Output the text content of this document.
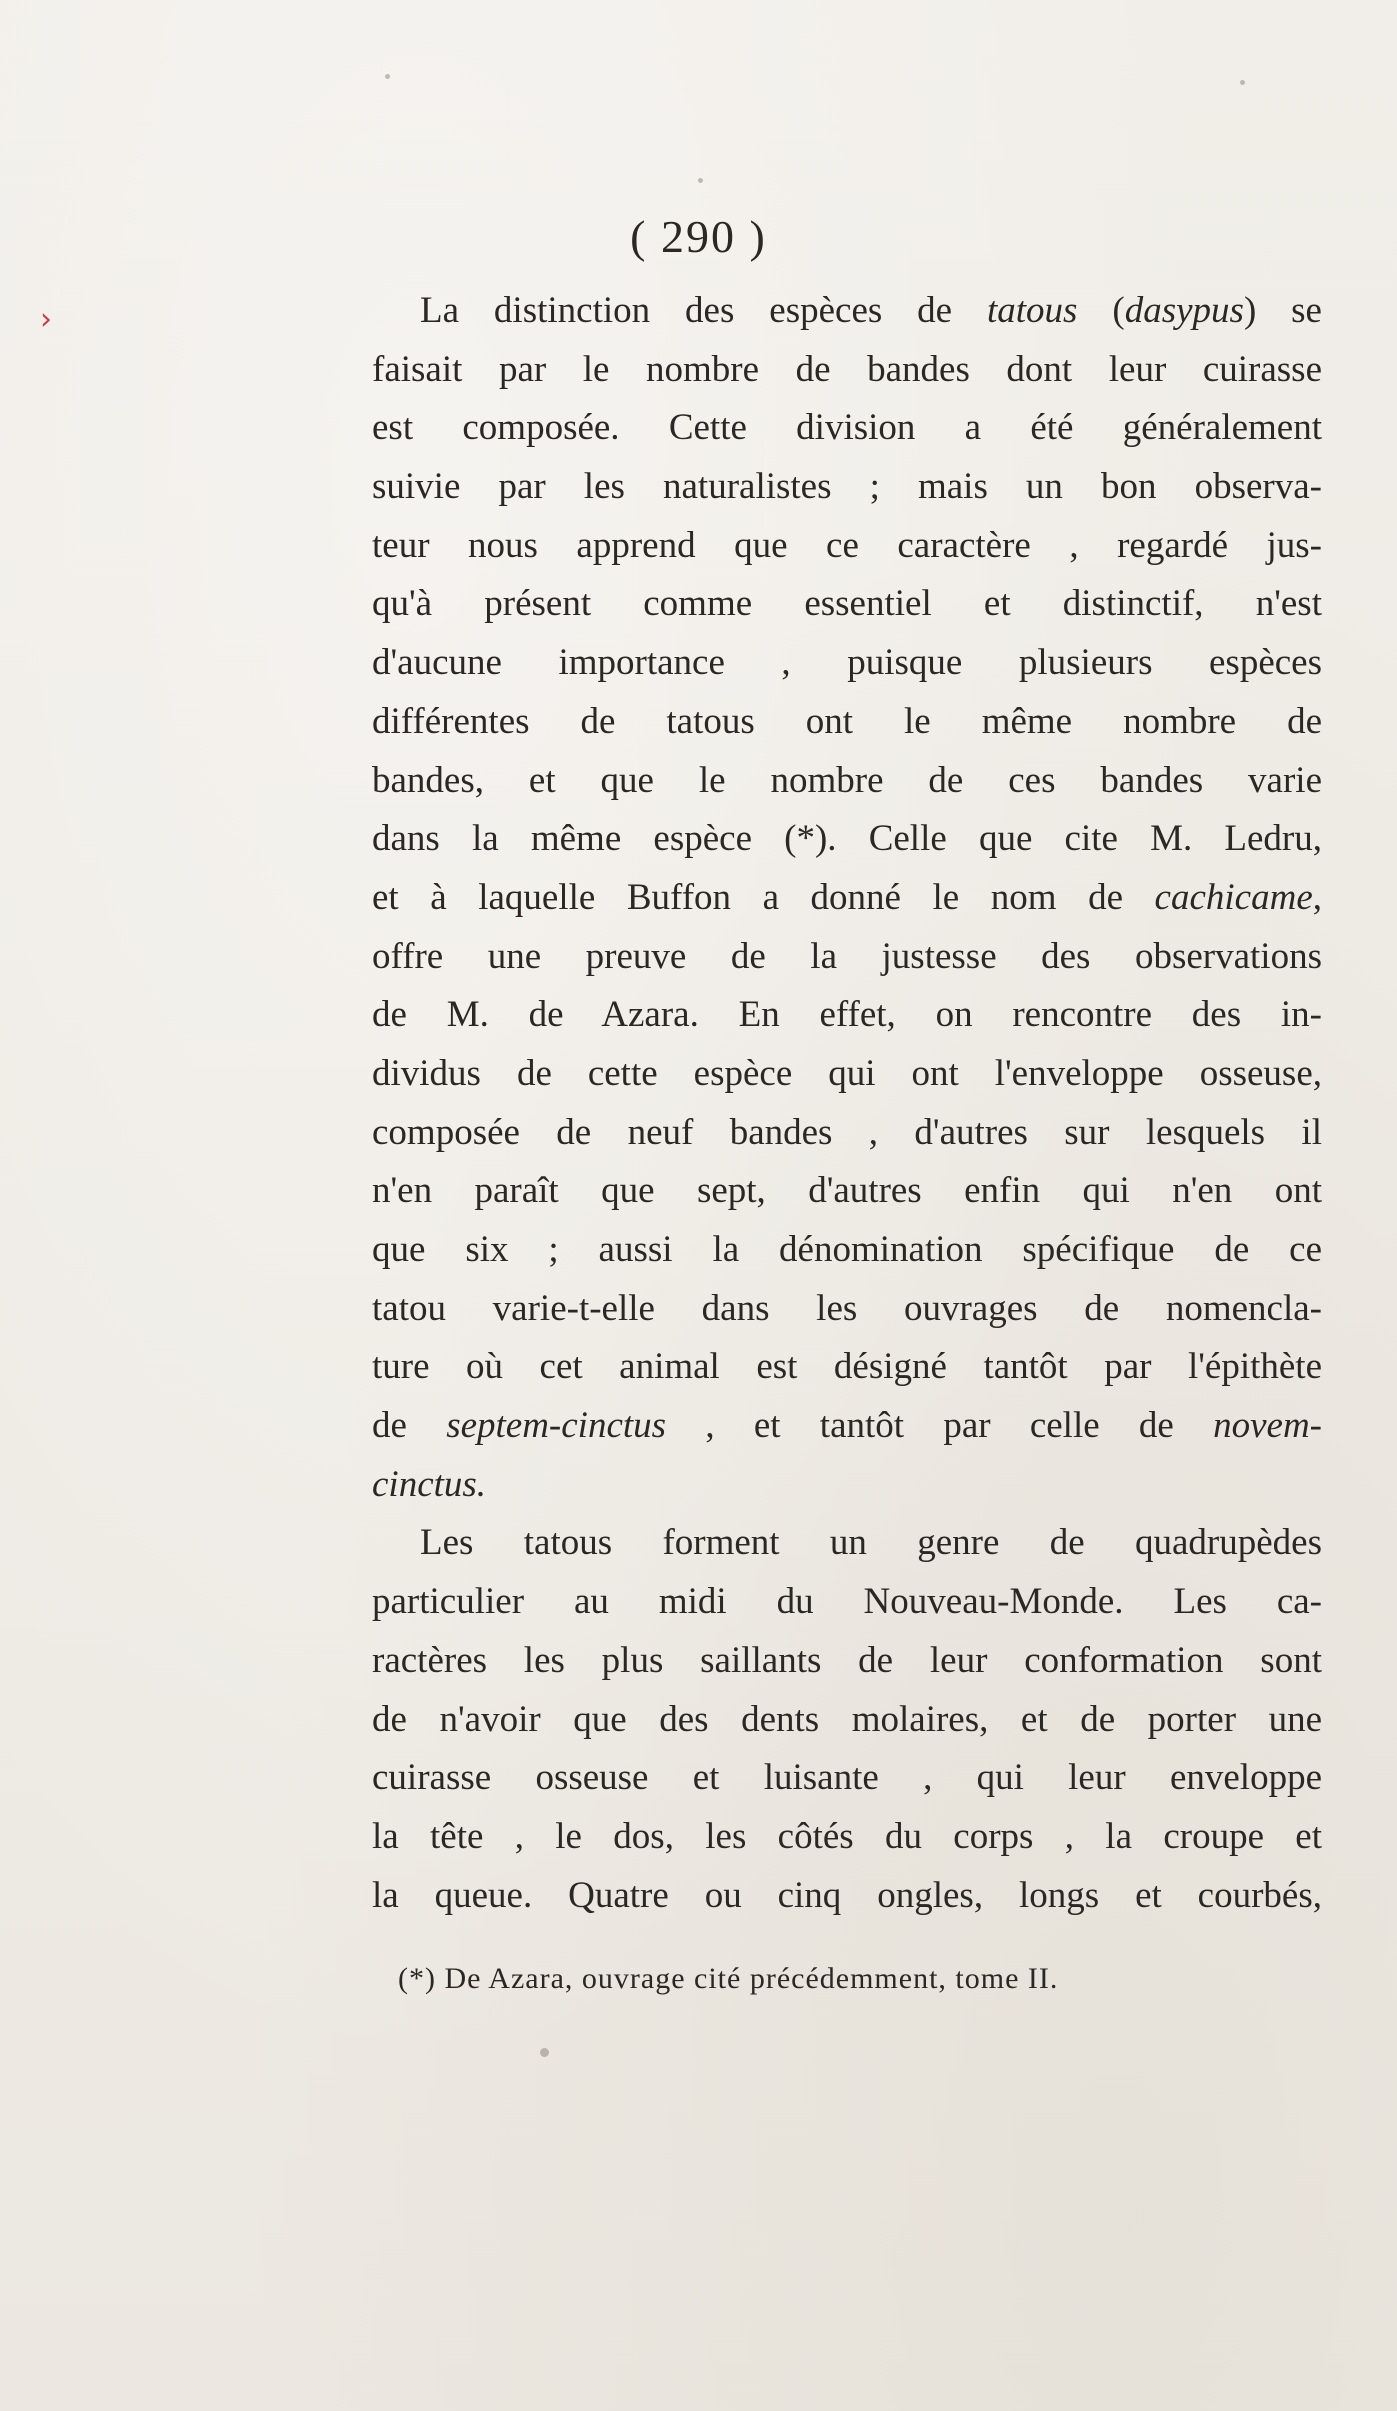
›
( 290 )
La distinction des espèces de tatous (dasypus) se
faisait par le nombre de bandes dont leur cuirasse
est composée. Cette division a été généralement
suivie par les naturalistes ; mais un bon observa-
teur nous apprend que ce caractère , regardé jus-
qu'à présent comme essentiel et distinctif, n'est
d'aucune importance , puisque plusieurs espèces
différentes de tatous ont le même nombre de
bandes, et que le nombre de ces bandes varie
dans la même espèce (*). Celle que cite M. Ledru,
et à laquelle Buffon a donné le nom de cachicame,
offre une preuve de la justesse des observations
de M. de Azara. En effet, on rencontre des in-
dividus de cette espèce qui ont l'enveloppe osseuse,
composée de neuf bandes , d'autres sur lesquels il
n'en paraît que sept, d'autres enfin qui n'en ont
que six ; aussi la dénomination spécifique de ce
tatou varie-t-elle dans les ouvrages de nomencla-
ture où cet animal est désigné tantôt par l'épithète
de septem-cinctus , et tantôt par celle de novem-
cinctus.
Les tatous forment un genre de quadrupèdes
particulier au midi du Nouveau-Monde. Les ca-
ractères les plus saillants de leur conformation sont
de n'avoir que des dents molaires, et de porter une
cuirasse osseuse et luisante , qui leur enveloppe
la tête , le dos, les côtés du corps , la croupe et
la queue. Quatre ou cinq ongles, longs et courbés,
(*) De Azara, ouvrage cité précédemment, tome II.
